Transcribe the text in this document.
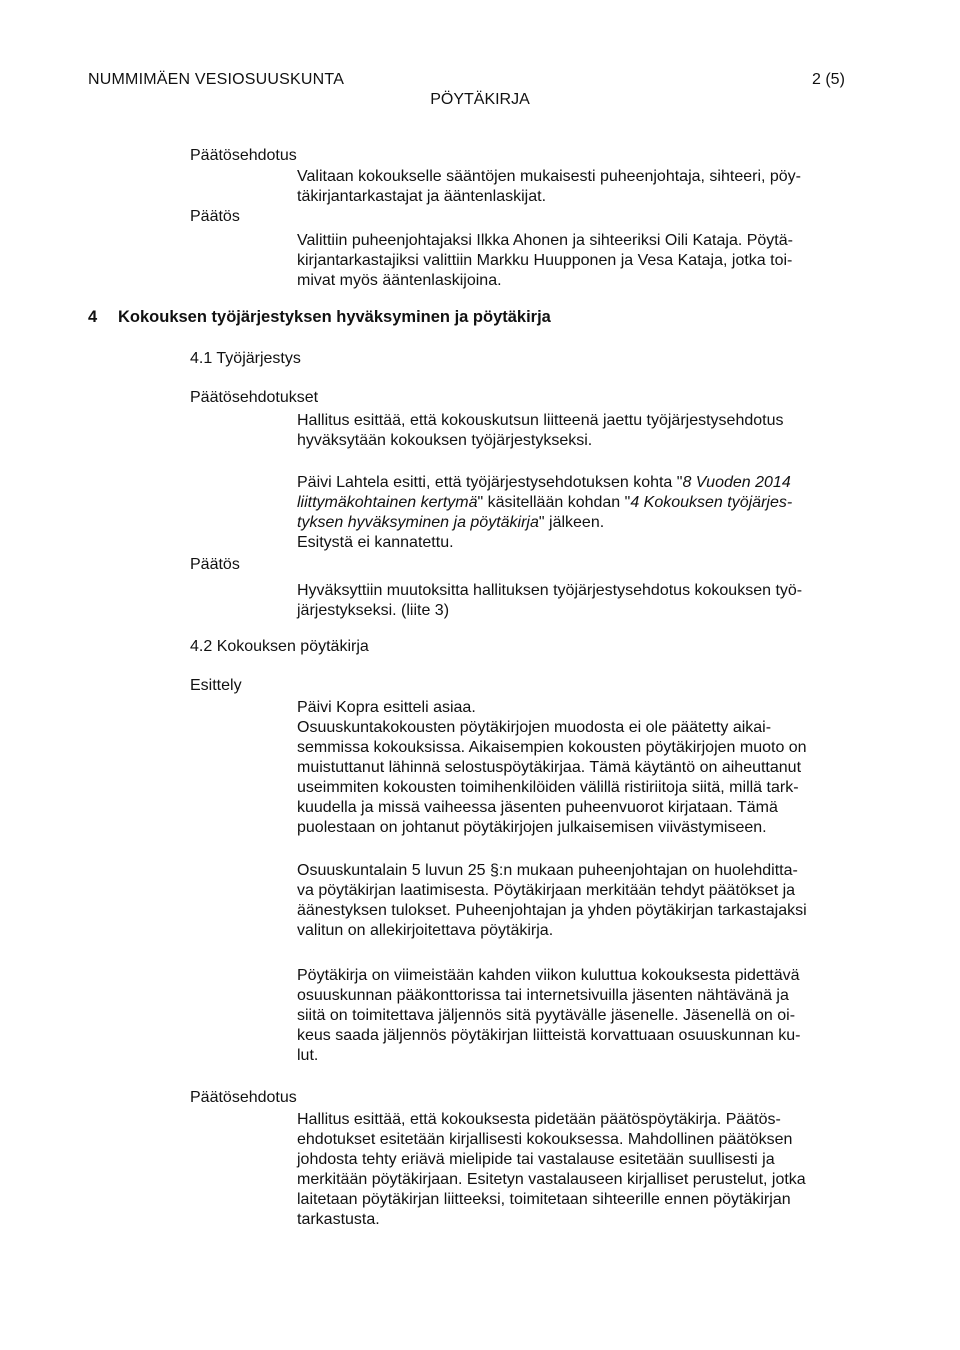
NUMMIMÄEN VESIOSUUSKUNTA	2 (5)
PÖYTÄKIRJA
Päätösehdotus

Valitaan kokoukselle sääntöjen mukaisesti puheenjohtaja, sihteeri, pöy-

täkirjantarkastajat ja ääntenlaskijat.

Päätös

Valittiin puheenjohtajaksi Ilkka Ahonen ja sihteeriksi Oili Kataja. Pöytä-

kirjantarkastajiksi valittiin Markku Huupponen ja Vesa Kataja, jotka toi-

mivat myös ääntenlaskijoina.

4 Kokouksen työjärjestyksen hyväksyminen ja pöytäkirja
4.1 Työjärjestys
Päätösehdotukset

Hallitus esittää, että kokouskutsun liitteenä jaettu työjärjestysehdotus

hyväksytään kokouksen työjärjestykseksi.

Päivi Lahtela esitti, että työjärjestysehdotuksen kohta "8 Vuoden 2014

liittymäkohtainen kertymä" käsitellään kohdan "4 Kokouksen työjärjes-

tyksen hyväksyminen ja pöytäkirja" jälkeen.

Esitystä ei kannatettu.

Päätös

Hyväksyttiin muutoksitta hallituksen työjärjestysehdotus kokouksen työ-

järjestykseksi. (liite 3)

4.2 Kokouksen pöytäkirja
Esittely

Päivi Kopra esitteli asiaa.

Osuuskuntakokousten pöytäkirjojen muodosta ei ole päätetty aikai-

semmissa kokouksissa. Aikaisempien kokousten pöytäkirjojen muoto on

muistuttanut lähinnä selostuspöytäkirjaa. Tämä käytäntö on aiheuttanut

useimmiten kokousten toimihenkilöiden välillä ristiriitoja siitä, millä tark-

kuudella ja missä vaiheessa jäsenten puheenvuorot kirjataan. Tämä

puolestaan on johtanut pöytäkirjojen julkaisemisen viivästymiseen.

Osuuskuntalain 5 luvun 25 §:n mukaan puheenjohtajan on huolehditta-

va pöytäkirjan laatimisesta. Pöytäkirjaan merkitään tehdyt päätökset ja

äänestyksen tulokset. Puheenjohtajan ja yhden pöytäkirjan tarkastajaksi

valitun on allekirjoitettava pöytäkirja.

Pöytäkirja on viimeistään kahden viikon kuluttua kokouksesta pidettävä

osuuskunnan pääkonttorissa tai internetsivuilla jäsenten nähtävänä ja

siitä on toimitettava jäljennös sitä pyytävälle jäsenelle. Jäsenellä on oi-

keus saada jäljennös pöytäkirjan liitteistä korvattuaan osuuskunnan ku-

lut.

Päätösehdotus

Hallitus esittää, että kokouksesta pidetään päätöspöytäkirja. Päätös-

ehdotukset esitetään kirjallisesti kokouksessa. Mahdollinen päätöksen

johdosta tehty eriävä mielipide tai vastalause esitetään suullisesti ja

merkitään pöytäkirjaan. Esitetyn vastalauseen kirjalliset perustelut, jotka

laitetaan pöytäkirjan liitteeksi, toimitetaan sihteerille ennen pöytäkirjan

tarkastusta.
